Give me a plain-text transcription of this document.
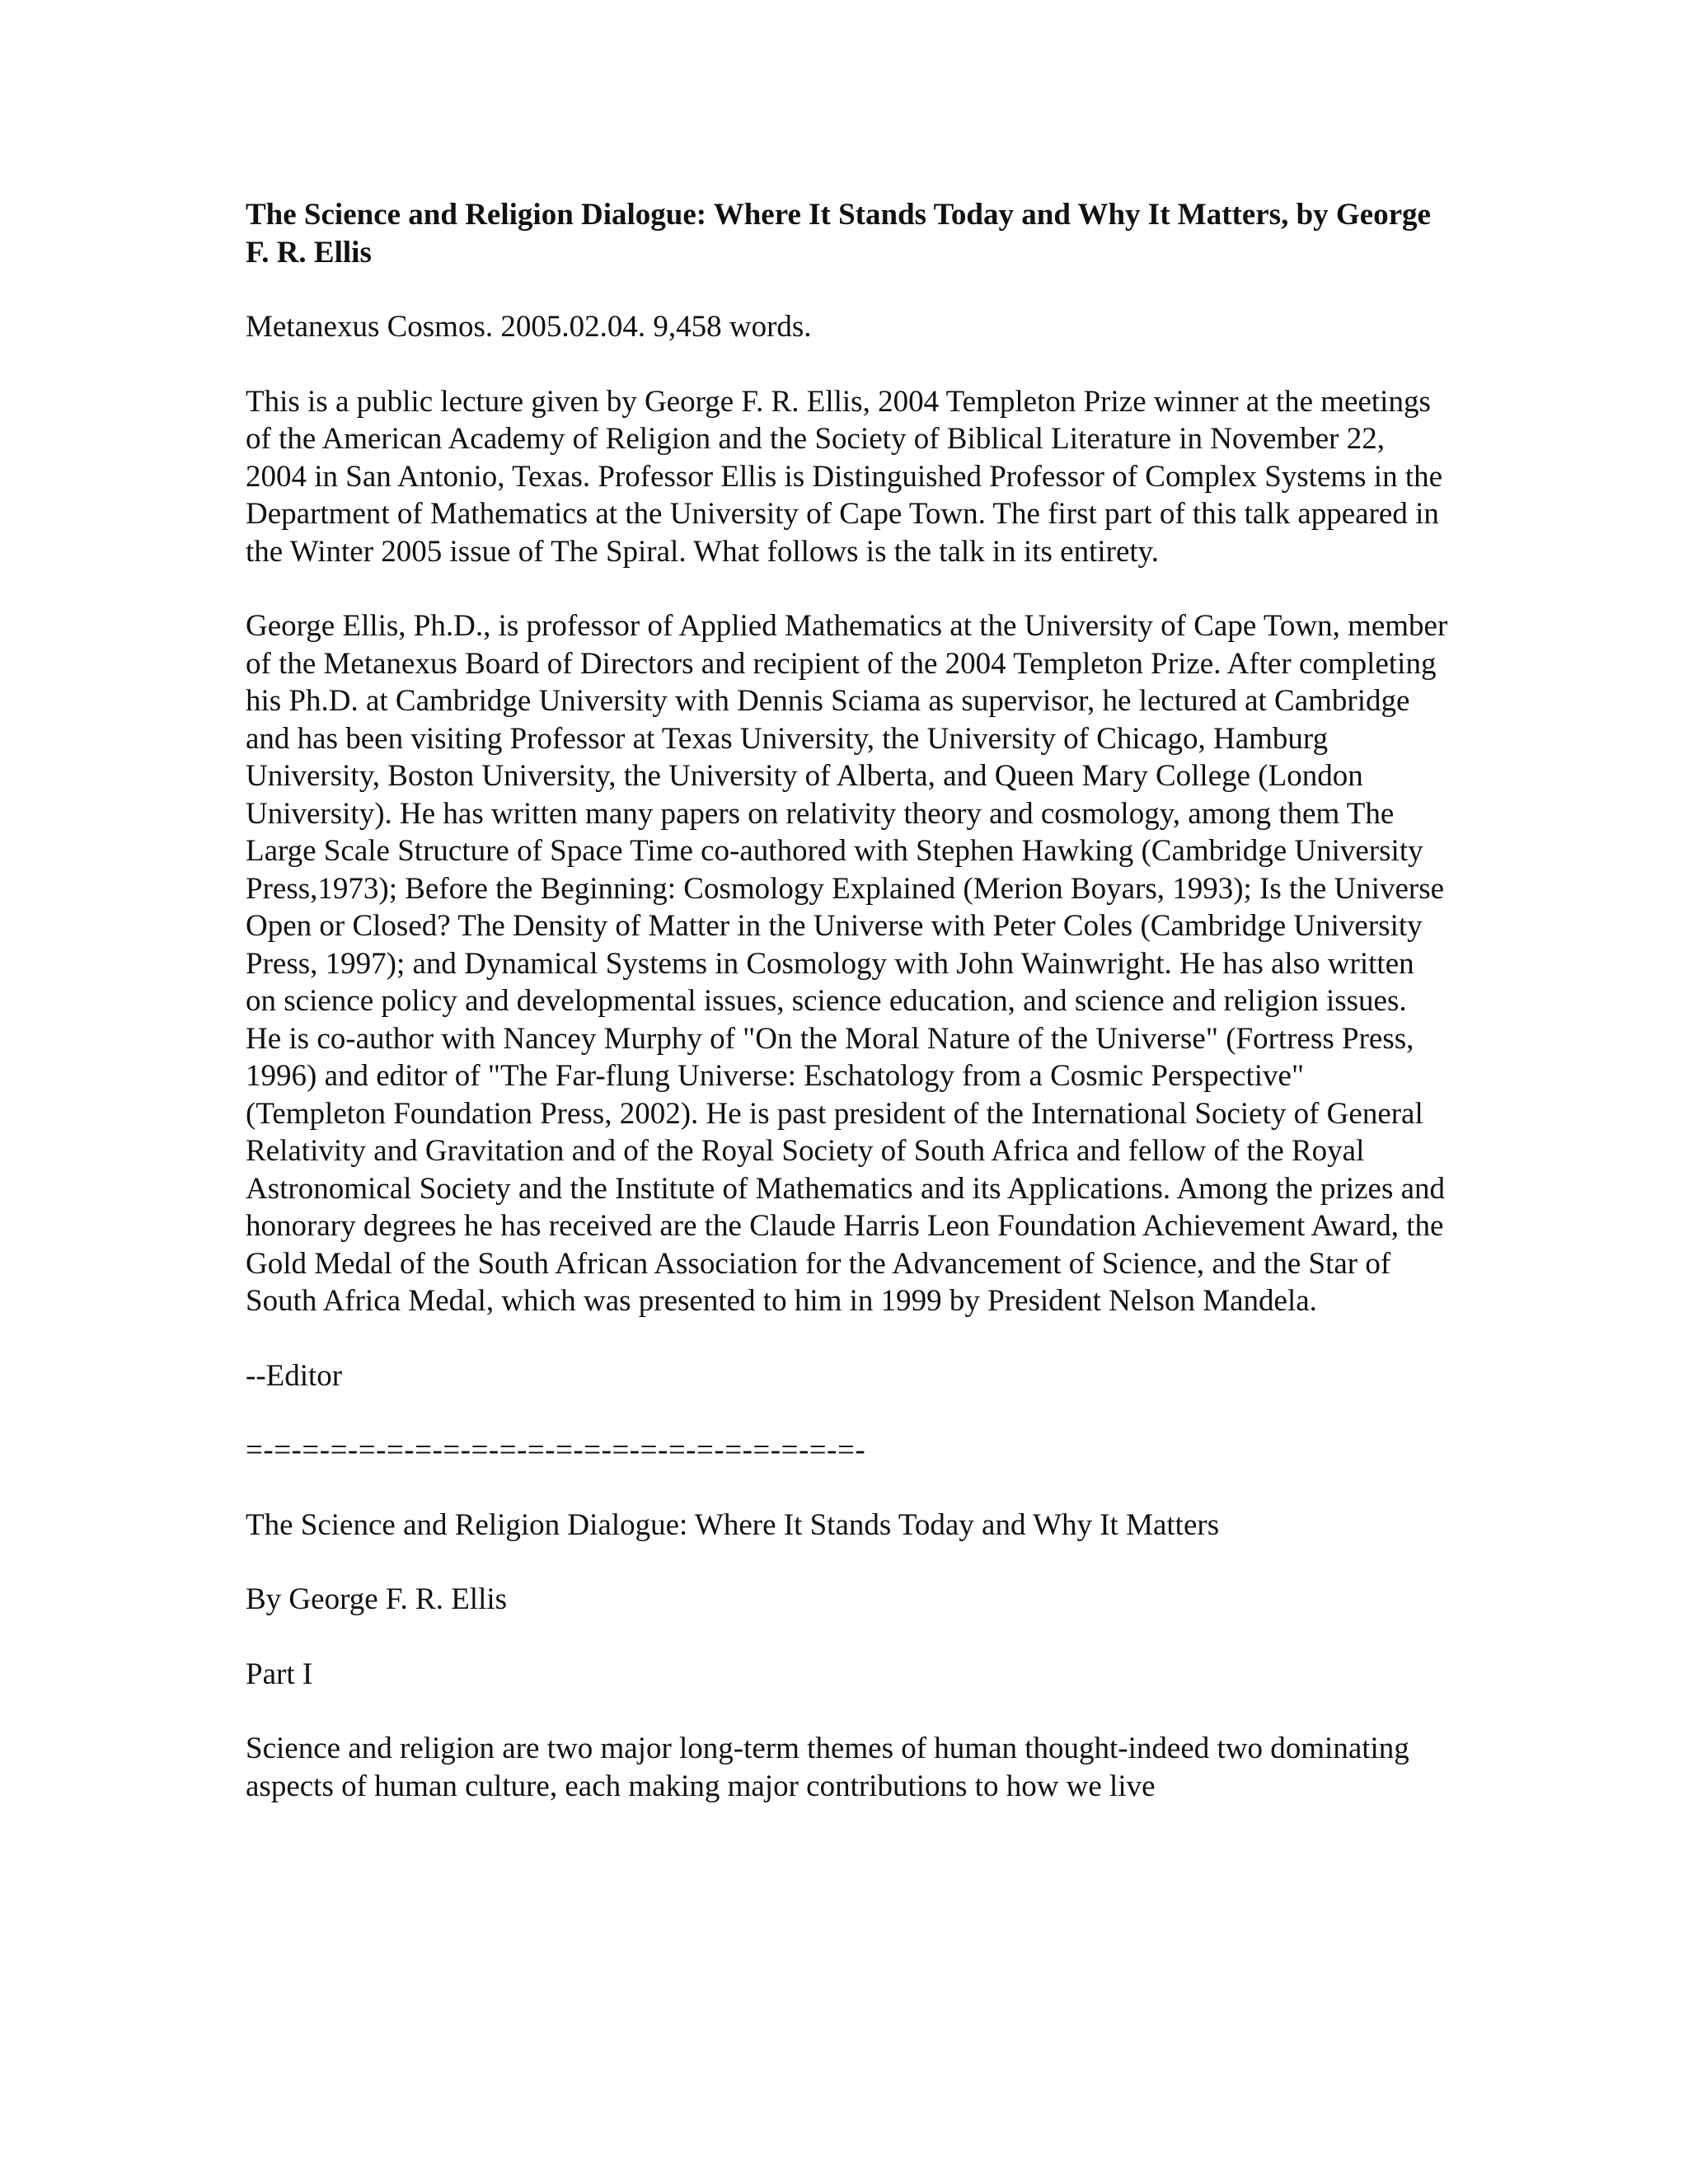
The Science and Religion Dialogue: Where It Stands Today and Why It Matters, by George F. R. Ellis

Metanexus Cosmos. 2005.02.04. 9,458 words.

This is a public lecture given by George F. R. Ellis, 2004 Templeton Prize winner at the meetings of the American Academy of Religion and the Society of Biblical Literature in November 22, 2004 in San Antonio, Texas. Professor Ellis is Distinguished Professor of Complex Systems in the Department of Mathematics at the University of Cape Town. The first part of this talk appeared in the Winter 2005 issue of The Spiral. What follows is the talk in its entirety.

George Ellis, Ph.D., is professor of Applied Mathematics at the University of Cape Town, member of the Metanexus Board of Directors and recipient of the 2004 Templeton Prize. After completing his Ph.D. at Cambridge University with Dennis Sciama as supervisor, he lectured at Cambridge and has been visiting Professor at Texas University, the University of Chicago, Hamburg University, Boston University, the University of Alberta, and Queen Mary College (London University). He has written many papers on relativity theory and cosmology, among them The Large Scale Structure of Space Time co-authored with Stephen Hawking (Cambridge University Press,1973); Before the Beginning: Cosmology Explained (Merion Boyars, 1993); Is the Universe Open or Closed? The Density of Matter in the Universe with Peter Coles (Cambridge University Press, 1997); and Dynamical Systems in Cosmology with John Wainwright. He has also written on science policy and developmental issues, science education, and science and religion issues. He is co-author with Nancey Murphy of "On the Moral Nature of the Universe" (Fortress Press, 1996) and editor of "The Far-flung Universe: Eschatology from a Cosmic Perspective" (Templeton Foundation Press, 2002). He is past president of the International Society of General Relativity and Gravitation and of the Royal Society of South Africa and fellow of the Royal Astronomical Society and the Institute of Mathematics and its Applications. Among the prizes and honorary degrees he has received are the Claude Harris Leon Foundation Achievement Award, the Gold Medal of the South African Association for the Advancement of Science, and the Star of South Africa Medal, which was presented to him in 1999 by President Nelson Mandela.

--Editor

=-=-=-=-=-=-=-=-=-=-=-=-=-=-=-=-=-=-=-=-=-=-

The Science and Religion Dialogue: Where It Stands Today and Why It Matters

By George F. R. Ellis

Part I

Science and religion are two major long-term themes of human thought-indeed two dominating aspects of human culture, each making major contributions to how we live
